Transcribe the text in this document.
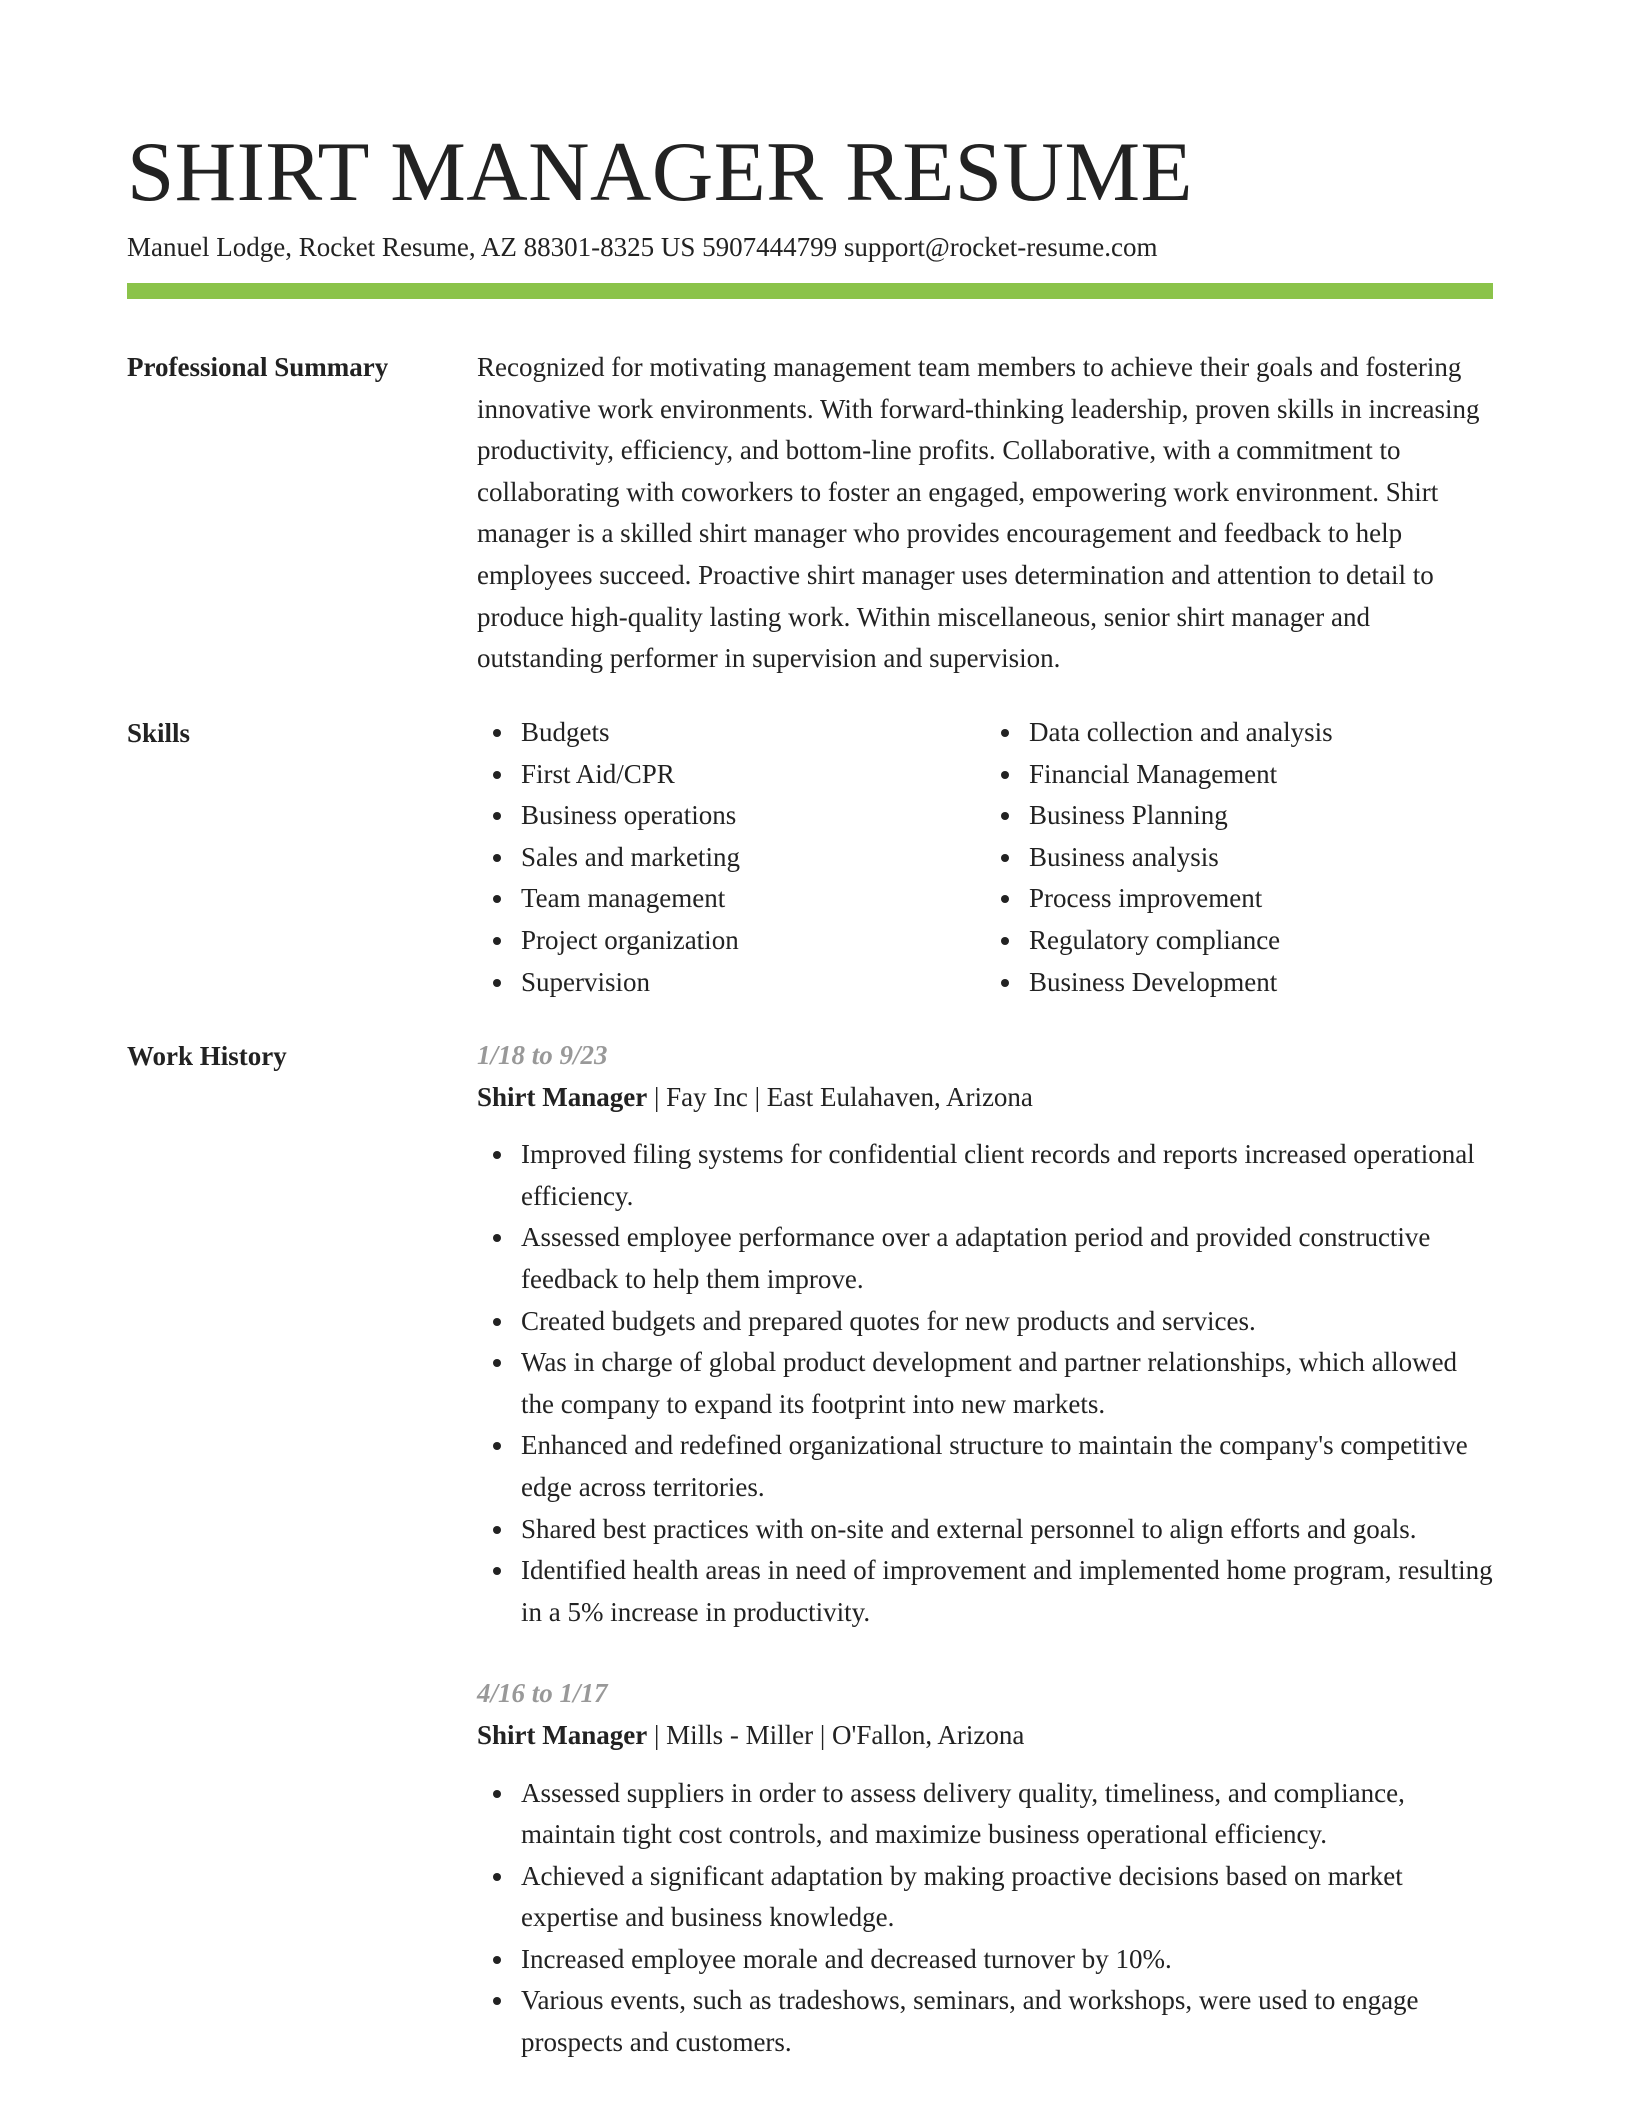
SHIRT MANAGER RESUME
Manuel Lodge, Rocket Resume, AZ 88301-8325 US 5907444799 support@rocket-resume.com
Professional Summary	Recognized for motivating management team members to achieve their goals and fostering innovative work environments. With forward-thinking leadership, proven skills in increasing productivity, efficiency, and bottom-line profits. Collaborative, with a commitment to collaborating with coworkers to foster an engaged, empowering work environment. Shirt manager is a skilled shirt manager who provides encouragement and feedback to help employees succeed. Proactive shirt manager uses determination and attention to detail to produce high-quality lasting work. Within miscellaneous, senior shirt manager and outstanding performer in supervision and supervision.

Skills	Budgets
First Aid/CPR
Business operations
Sales and marketing
Team management
Project organization
Supervision
Data collection and analysis
Financial Management
Business Planning
Business analysis
Process improvement
Regulatory compliance
Business Development
Work History	1/18 to 9/23
Shirt Manager | Fay Inc | East Eulahaven, Arizona
Improved filing systems for confidential client records and reports increased operational efficiency.
Assessed employee performance over a adaptation period and provided constructive feedback to help them improve.
Created budgets and prepared quotes for new products and services.
Was in charge of global product development and partner relationships, which allowed the company to expand its footprint into new markets.
Enhanced and redefined organizational structure to maintain the company's competitive edge across territories.
Shared best practices with on-site and external personnel to align efforts and goals.
Identified health areas in need of improvement and implemented home program, resulting in a 5% increase in productivity.
4/16 to 1/17
Shirt Manager | Mills - Miller | O'Fallon, Arizona
Assessed suppliers in order to assess delivery quality, timeliness, and compliance, maintain tight cost controls, and maximize business operational efficiency.
Achieved a significant adaptation by making proactive decisions based on market expertise and business knowledge.
Increased employee morale and decreased turnover by 10%.
Various events, such as tradeshows, seminars, and workshops, were used to engage prospects and customers.
